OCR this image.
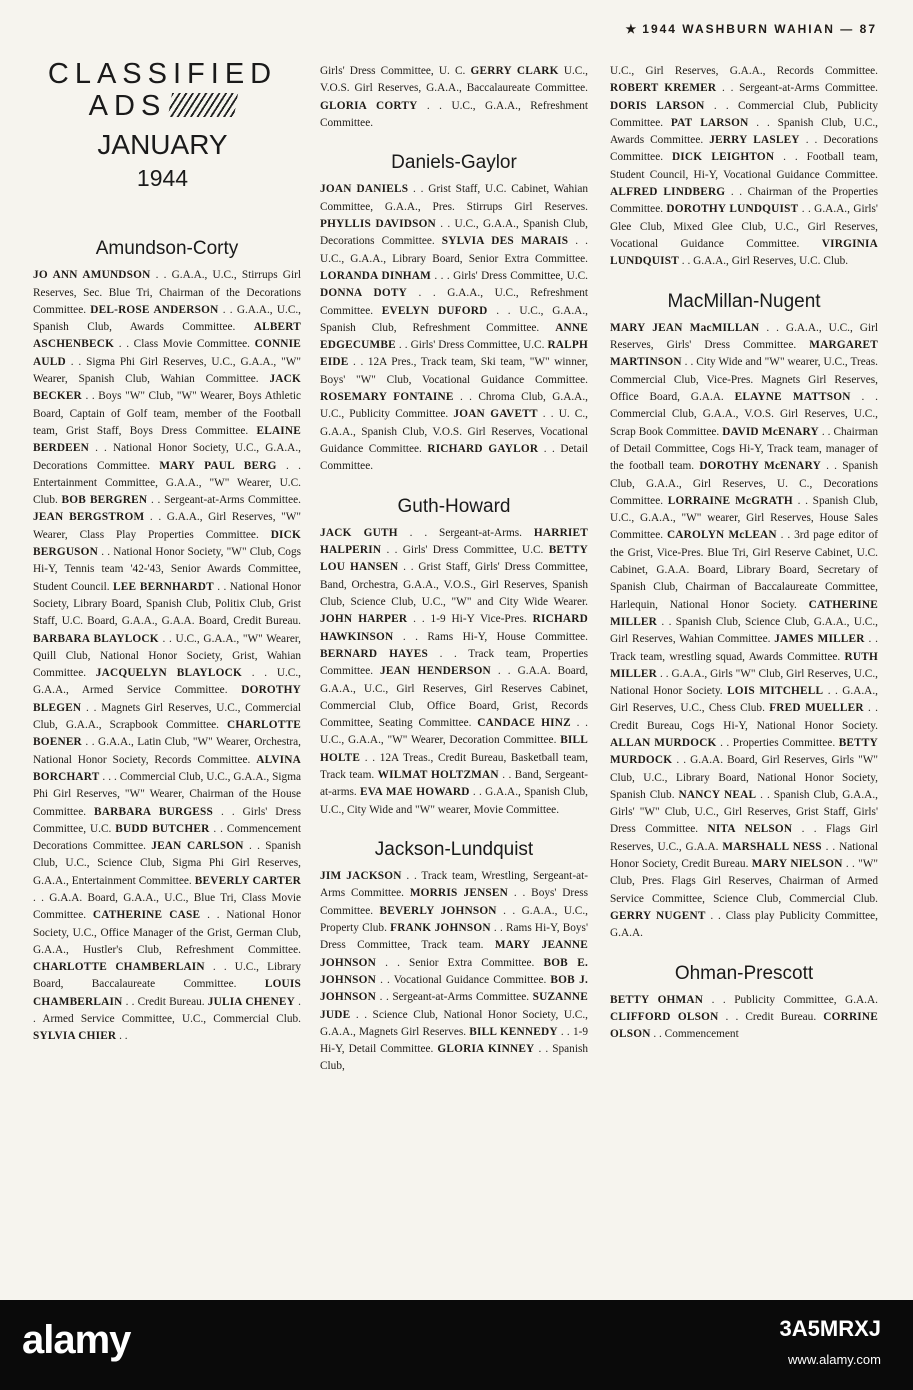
★ 1944 WASHBURN WAHIAN — 87
CLASSIFIED
ADS
JANUARY
1944
Amundson-Corty

JO ANN AMUNDSON . . G.A.A., U.C., Stirrups Girl Reserves, Sec. Blue Tri, Chairman of the Decorations Committee. DEL-ROSE ANDERSON . . G.A.A., U.C., Spanish Club, Awards Committee. ALBERT ASCHENBECK . . Class Movie Committee. CONNIE AULD . . Sigma Phi Girl Reserves, U.C., G.A.A., "W" Wearer, Spanish Club, Wahian Committee. JACK BECKER . . Boys "W" Club, "W" Wearer, Boys Athletic Board, Captain of Golf team, member of the Football team, Grist Staff, Boys Dress Committee. ELAINE BERDEEN . . National Honor Society, U.C., G.A.A., Decorations Committee. MARY PAUL BERG . . Entertainment Committee, G.A.A., "W" Wearer, U.C. Club. BOB BERGREN . . Sergeant-at-Arms Committee. JEAN BERGSTROM . . G.A.A., Girl Reserves, "W" Wearer, Class Play Properties Committee. DICK BERGUSON . . National Honor Society, "W" Club, Cogs Hi-Y, Tennis team '42-'43, Senior Awards Committee, Student Council. LEE BERNHARDT . . National Honor Society, Library Board, Spanish Club, Politix Club, Grist Staff, U.C. Board, G.A.A., G.A.A. Board, Credit Bureau. BARBARA BLAYLOCK . . U.C., G.A.A., "W" Wearer, Quill Club, National Honor Society, Grist, Wahian Committee. JACQUELYN BLAYLOCK . . U.C., G.A.A., Armed Service Committee. DOROTHY BLEGEN . . Magnets Girl Reserves, U.C., Commercial Club, G.A.A., Scrapbook Committee. CHARLOTTE BOENER . . G.A.A., Latin Club, "W" Wearer, Orchestra, National Honor Society, Records Committee. ALVINA BORCHART . . . Commercial Club, U.C., G.A.A., Sigma Phi Girl Reserves, "W" Wearer, Chairman of the House Committee. BARBARA BURGESS . . Girls' Dress Committee, U.C. BUDD BUTCHER . . Commencement Decorations Committee. JEAN CARLSON . . Spanish Club, U.C., Science Club, Sigma Phi Girl Reserves, G.A.A., Entertainment Committee. BEVERLY CARTER . . G.A.A. Board, G.A.A., U.C., Blue Tri, Class Movie Committee. CATHERINE CASE . . National Honor Society, U.C., Office Manager of the Grist, German Club, G.A.A., Hustler's Club, Refreshment Committee. CHARLOTTE CHAMBERLAIN . . U.C., Library Board, Baccalaureate Committee. LOUIS CHAMBERLAIN . . Credit Bureau. JULIA CHENEY . . Armed Service Committee, U.C., Commercial Club. SYLVIA CHIER . .

Girls' Dress Committee, U. C. GERRY CLARK U.C., V.O.S. Girl Reserves, G.A.A., Baccalaureate Committee. GLORIA CORTY . . U.C., G.A.A., Refreshment Committee.

Daniels-Gaylor

JOAN DANIELS . . Grist Staff, U.C. Cabinet, Wahian Committee, G.A.A., Pres. Stirrups Girl Reserves. PHYLLIS DAVIDSON . . U.C., G.A.A., Spanish Club, Decorations Committee. SYLVIA DES MARAIS . . U.C., G.A.A., Library Board, Senior Extra Committee. LORANDA DINHAM . . . Girls' Dress Committee, U.C. DONNA DOTY . . G.A.A., U.C., Refreshment Committee. EVELYN DUFORD . . U.C., G.A.A., Spanish Club, Refreshment Committee. ANNE EDGECUMBE . . Girls' Dress Committee, U.C. RALPH EIDE . . 12A Pres., Track team, Ski team, "W" winner, Boys' "W" Club, Vocational Guidance Committee. ROSEMARY FONTAINE . . Chroma Club, G.A.A., U.C., Publicity Committee. JOAN GAVETT . . U. C., G.A.A., Spanish Club, V.O.S. Girl Reserves, Vocational Guidance Committee. RICHARD GAYLOR . . Detail Committee.

Guth-Howard

JACK GUTH . . Sergeant-at-Arms. HARRIET HALPERIN . . Girls' Dress Committee, U.C. BETTY LOU HANSEN . . Grist Staff, Girls' Dress Committee, Band, Orchestra, G.A.A., V.O.S., Girl Reserves, Spanish Club, Science Club, U.C., "W" and City Wide Wearer. JOHN HARPER . . 1-9 Hi-Y Vice-Pres. RICHARD HAWKINSON . . Rams Hi-Y, House Committee. BERNARD HAYES . . Track team, Properties Committee. JEAN HENDERSON . . G.A.A. Board, G.A.A., U.C., Girl Reserves, Girl Reserves Cabinet, Commercial Club, Office Board, Grist, Records Committee, Seating Committee. CANDACE HINZ . . U.C., G.A.A., "W" Wearer, Decoration Committee. BILL HOLTE . . 12A Treas., Credit Bureau, Basketball team, Track team. WILMAT HOLTZMAN . . Band, Sergeant-at-arms. EVA MAE HOWARD . . G.A.A., Spanish Club, U.C., City Wide and "W" wearer, Movie Committee.

Jackson-Lundquist

JIM JACKSON . . Track team, Wrestling, Sergeant-at-Arms Committee. MORRIS JENSEN . . Boys' Dress Committee. BEVERLY JOHNSON . . G.A.A., U.C., Property Club. FRANK JOHNSON . . Rams Hi-Y, Boys' Dress Committee, Track team. MARY JEANNE JOHNSON . . Senior Extra Committee. BOB E. JOHNSON . . Vocational Guidance Committee. BOB J. JOHNSON . . Sergeant-at-Arms Committee. SUZANNE JUDE . . Science Club, National Honor Society, U.C., G.A.A., Magnets Girl Reserves. BILL KENNEDY . . 1-9 Hi-Y, Detail Committee. GLORIA KINNEY . . Spanish Club,

U.C., Girl Reserves, G.A.A., Records Committee. ROBERT KREMER . . Sergeant-at-Arms Committee. DORIS LARSON . . Commercial Club, Publicity Committee. PAT LARSON . . Spanish Club, U.C., Awards Committee. JERRY LASLEY . . Decorations Committee. DICK LEIGHTON . . Football team, Student Council, Hi-Y, Vocational Guidance Committee. ALFRED LINDBERG . . Chairman of the Properties Committee. DOROTHY LUNDQUIST . . G.A.A., Girls' Glee Club, Mixed Glee Club, U.C., Girl Reserves, Vocational Guidance Committee. VIRGINIA LUNDQUIST . . G.A.A., Girl Reserves, U.C. Club.

MacMillan-Nugent

MARY JEAN MacMILLAN . . G.A.A., U.C., Girl Reserves, Girls' Dress Committee. MARGARET MARTINSON . . City Wide and "W" wearer, U.C., Treas. Commercial Club, Vice-Pres. Magnets Girl Reserves, Office Board, G.A.A. ELAYNE MATTSON . . Commercial Club, G.A.A., V.O.S. Girl Reserves, U.C., Scrap Book Committee. DAVID McENARY . . Chairman of Detail Committee, Cogs Hi-Y, Track team, manager of the football team. DOROTHY McENARY . . Spanish Club, G.A.A., Girl Reserves, U. C., Decorations Committee. LORRAINE McGRATH . . Spanish Club, U.C., G.A.A., "W" wearer, Girl Reserves, House Sales Committee. CAROLYN McLEAN . . 3rd page editor of the Grist, Vice-Pres. Blue Tri, Girl Reserve Cabinet, U.C. Cabinet, G.A.A. Board, Library Board, Secretary of Spanish Club, Chairman of Baccalaureate Committee, Harlequin, National Honor Society. CATHERINE MILLER . . Spanish Club, Science Club, G.A.A., U.C., Girl Reserves, Wahian Committee. JAMES MILLER . . Track team, wrestling squad, Awards Committee. RUTH MILLER . . G.A.A., Girls "W" Club, Girl Reserves, U.C., National Honor Society. LOIS MITCHELL . . G.A.A., Girl Reserves, U.C., Chess Club. FRED MUELLER . . Credit Bureau, Cogs Hi-Y, National Honor Society. ALLAN MURDOCK . . Properties Committee. BETTY MURDOCK . . G.A.A. Board, Girl Reserves, Girls "W" Club, U.C., Library Board, National Honor Society, Spanish Club. NANCY NEAL . . Spanish Club, G.A.A., Girls' "W" Club, U.C., Girl Reserves, Grist Staff, Girls' Dress Committee. NITA NELSON . . Flags Girl Reserves, U.C., G.A.A. MARSHALL NESS . . National Honor Society, Credit Bureau. MARY NIELSON . . "W" Club, Pres. Flags Girl Reserves, Chairman of Armed Service Committee, Science Club, Commercial Club. GERRY NUGENT . . Class play Publicity Committee, G.A.A.

Ohman-Prescott

BETTY OHMAN . . Publicity Committee, G.A.A. CLIFFORD OLSON . . Credit Bureau. CORRINE OLSON . . Commencement

alamy	3A5MRXJ
www.alamy.com
